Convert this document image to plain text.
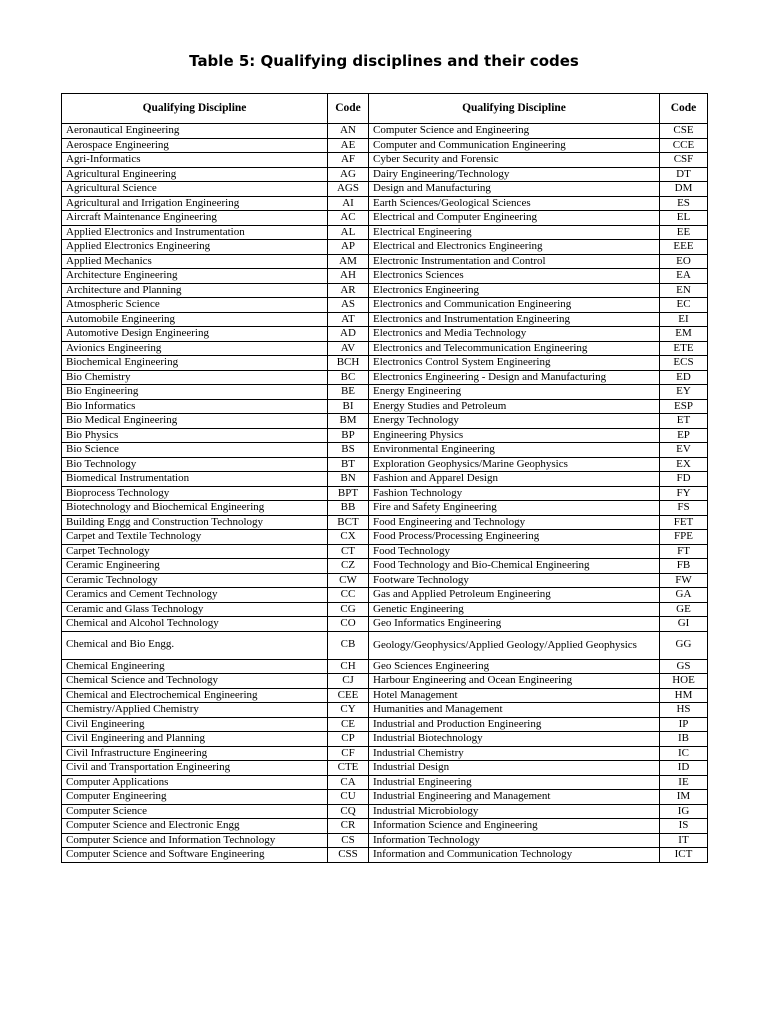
Table 5: Qualifying disciplines and their codes
Qualifying Discipline	Code	Qualifying Discipline	Code
Aeronautical Engineering	AN	Computer Science and Engineering	CSE
Aerospace Engineering	AE	Computer and Communication Engineering	CCE
Agri-Informatics	AF	Cyber Security and Forensic	CSF
Agricultural Engineering	AG	Dairy Engineering/Technology	DT
Agricultural Science	AGS	Design and Manufacturing	DM
Agricultural and Irrigation Engineering	AI	Earth Sciences/Geological Sciences	ES
Aircraft Maintenance Engineering	AC	Electrical and Computer Engineering	EL
Applied Electronics and Instrumentation	AL	Electrical Engineering	EE
Applied Electronics Engineering	AP	Electrical and Electronics Engineering	EEE
Applied Mechanics	AM	Electronic Instrumentation and Control	EO
Architecture Engineering	AH	Electronics Sciences	EA
Architecture and Planning	AR	Electronics Engineering	EN
Atmospheric Science	AS	Electronics and Communication Engineering	EC
Automobile Engineering	AT	Electronics and Instrumentation Engineering	EI
Automotive Design Engineering	AD	Electronics and Media Technology	EM
Avionics Engineering	AV	Electronics and Telecommunication Engineering	ETE
Biochemical Engineering	BCH	Electronics Control System Engineering	ECS
Bio Chemistry	BC	Electronics Engineering - Design and Manufacturing	ED
Bio Engineering	BE	Energy Engineering	EY
Bio Informatics	BI	Energy Studies and Petroleum	ESP
Bio Medical Engineering	BM	Energy Technology	ET
Bio Physics	BP	Engineering Physics	EP
Bio Science	BS	Environmental Engineering	EV
Bio Technology	BT	Exploration Geophysics/Marine Geophysics	EX
Biomedical Instrumentation	BN	Fashion and Apparel Design	FD
Bioprocess Technology	BPT	Fashion Technology	FY
Biotechnology and Biochemical Engineering	BB	Fire and Safety Engineering	FS
Building Engg and Construction Technology	BCT	Food Engineering and Technology	FET
Carpet and Textile Technology	CX	Food Process/Processing Engineering	FPE
Carpet Technology	CT	Food Technology	FT
Ceramic Engineering	CZ	Food Technology and Bio-Chemical Engineering	FB
Ceramic Technology	CW	Footware Technology	FW
Ceramics and Cement Technology	CC	Gas and Applied Petroleum Engineering	GA
Ceramic and Glass Technology	CG	Genetic Engineering	GE
Chemical and Alcohol Technology	CO	Geo Informatics Engineering	GI
Chemical and Bio Engg.	CB	Geology/Geophysics/Applied Geology/Applied Geophysics	GG
Chemical Engineering	CH	Geo Sciences Engineering	GS
Chemical Science and Technology	CJ	Harbour Engineering and Ocean Engineering	HOE
Chemical and Electrochemical Engineering	CEE	Hotel Management	HM
Chemistry/Applied Chemistry	CY	Humanities and Management	HS
Civil Engineering	CE	Industrial and Production Engineering	IP
Civil Engineering and Planning	CP	Industrial Biotechnology	IB
Civil Infrastructure Engineering	CF	Industrial Chemistry	IC
Civil and Transportation Engineering	CTE	Industrial Design	ID
Computer Applications	CA	Industrial Engineering	IE
Computer Engineering	CU	Industrial Engineering and Management	IM
Computer Science	CQ	Industrial Microbiology	IG
Computer Science and Electronic Engg	CR	Information Science and Engineering	IS
Computer Science and Information Technology	CS	Information Technology	IT
Computer Science and Software Engineering	CSS	Information and Communication Technology	ICT
